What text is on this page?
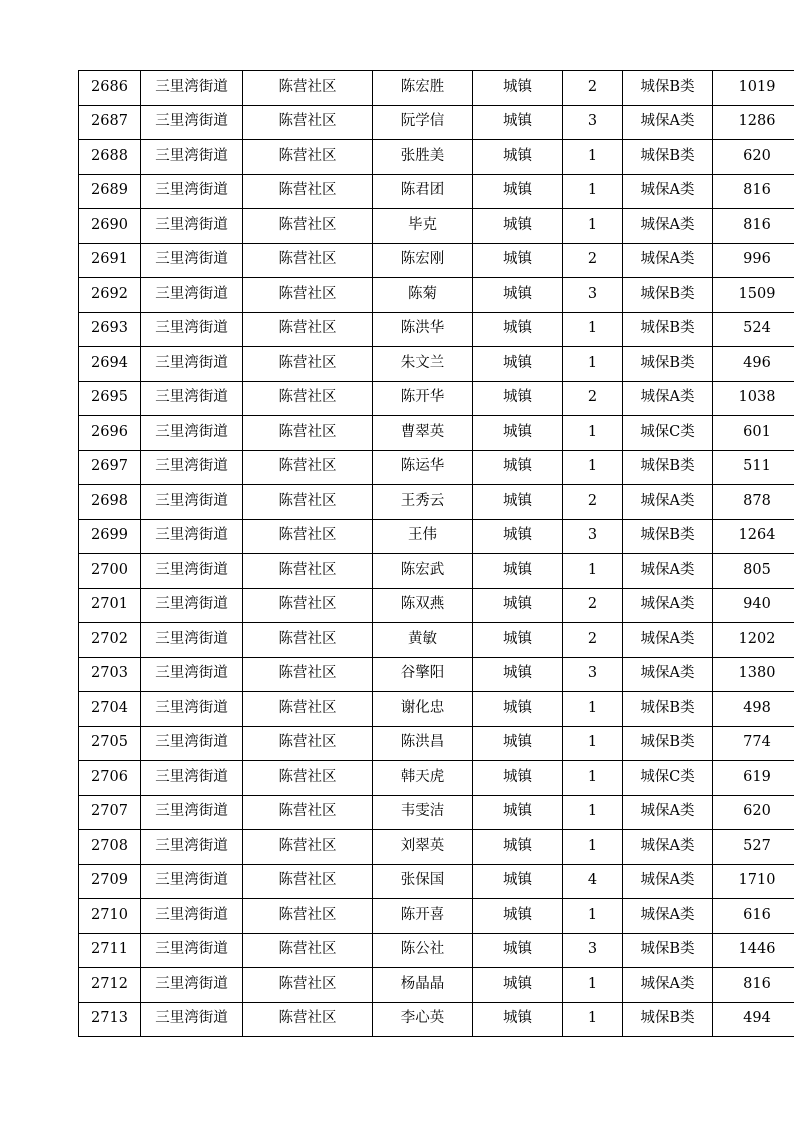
2686	三里湾街道	陈营社区	陈宏胜	城镇	2	城保B类	1019
2687	三里湾街道	陈营社区	阮学信	城镇	3	城保A类	1286
2688	三里湾街道	陈营社区	张胜美	城镇	1	城保B类	620
2689	三里湾街道	陈营社区	陈君团	城镇	1	城保A类	816
2690	三里湾街道	陈营社区	毕克	城镇	1	城保A类	816
2691	三里湾街道	陈营社区	陈宏刚	城镇	2	城保A类	996
2692	三里湾街道	陈营社区	陈菊	城镇	3	城保B类	1509
2693	三里湾街道	陈营社区	陈洪华	城镇	1	城保B类	524
2694	三里湾街道	陈营社区	朱文兰	城镇	1	城保B类	496
2695	三里湾街道	陈营社区	陈开华	城镇	2	城保A类	1038
2696	三里湾街道	陈营社区	曹翠英	城镇	1	城保C类	601
2697	三里湾街道	陈营社区	陈运华	城镇	1	城保B类	511
2698	三里湾街道	陈营社区	王秀云	城镇	2	城保A类	878
2699	三里湾街道	陈营社区	王伟	城镇	3	城保B类	1264
2700	三里湾街道	陈营社区	陈宏武	城镇	1	城保A类	805
2701	三里湾街道	陈营社区	陈双燕	城镇	2	城保A类	940
2702	三里湾街道	陈营社区	黄敏	城镇	2	城保A类	1202
2703	三里湾街道	陈营社区	谷擎阳	城镇	3	城保A类	1380
2704	三里湾街道	陈营社区	谢化忠	城镇	1	城保B类	498
2705	三里湾街道	陈营社区	陈洪昌	城镇	1	城保B类	774
2706	三里湾街道	陈营社区	韩天虎	城镇	1	城保C类	619
2707	三里湾街道	陈营社区	韦雯洁	城镇	1	城保A类	620
2708	三里湾街道	陈营社区	刘翠英	城镇	1	城保A类	527
2709	三里湾街道	陈营社区	张保国	城镇	4	城保A类	1710
2710	三里湾街道	陈营社区	陈开喜	城镇	1	城保A类	616
2711	三里湾街道	陈营社区	陈公社	城镇	3	城保B类	1446
2712	三里湾街道	陈营社区	杨晶晶	城镇	1	城保A类	816
2713	三里湾街道	陈营社区	李心英	城镇	1	城保B类	494
